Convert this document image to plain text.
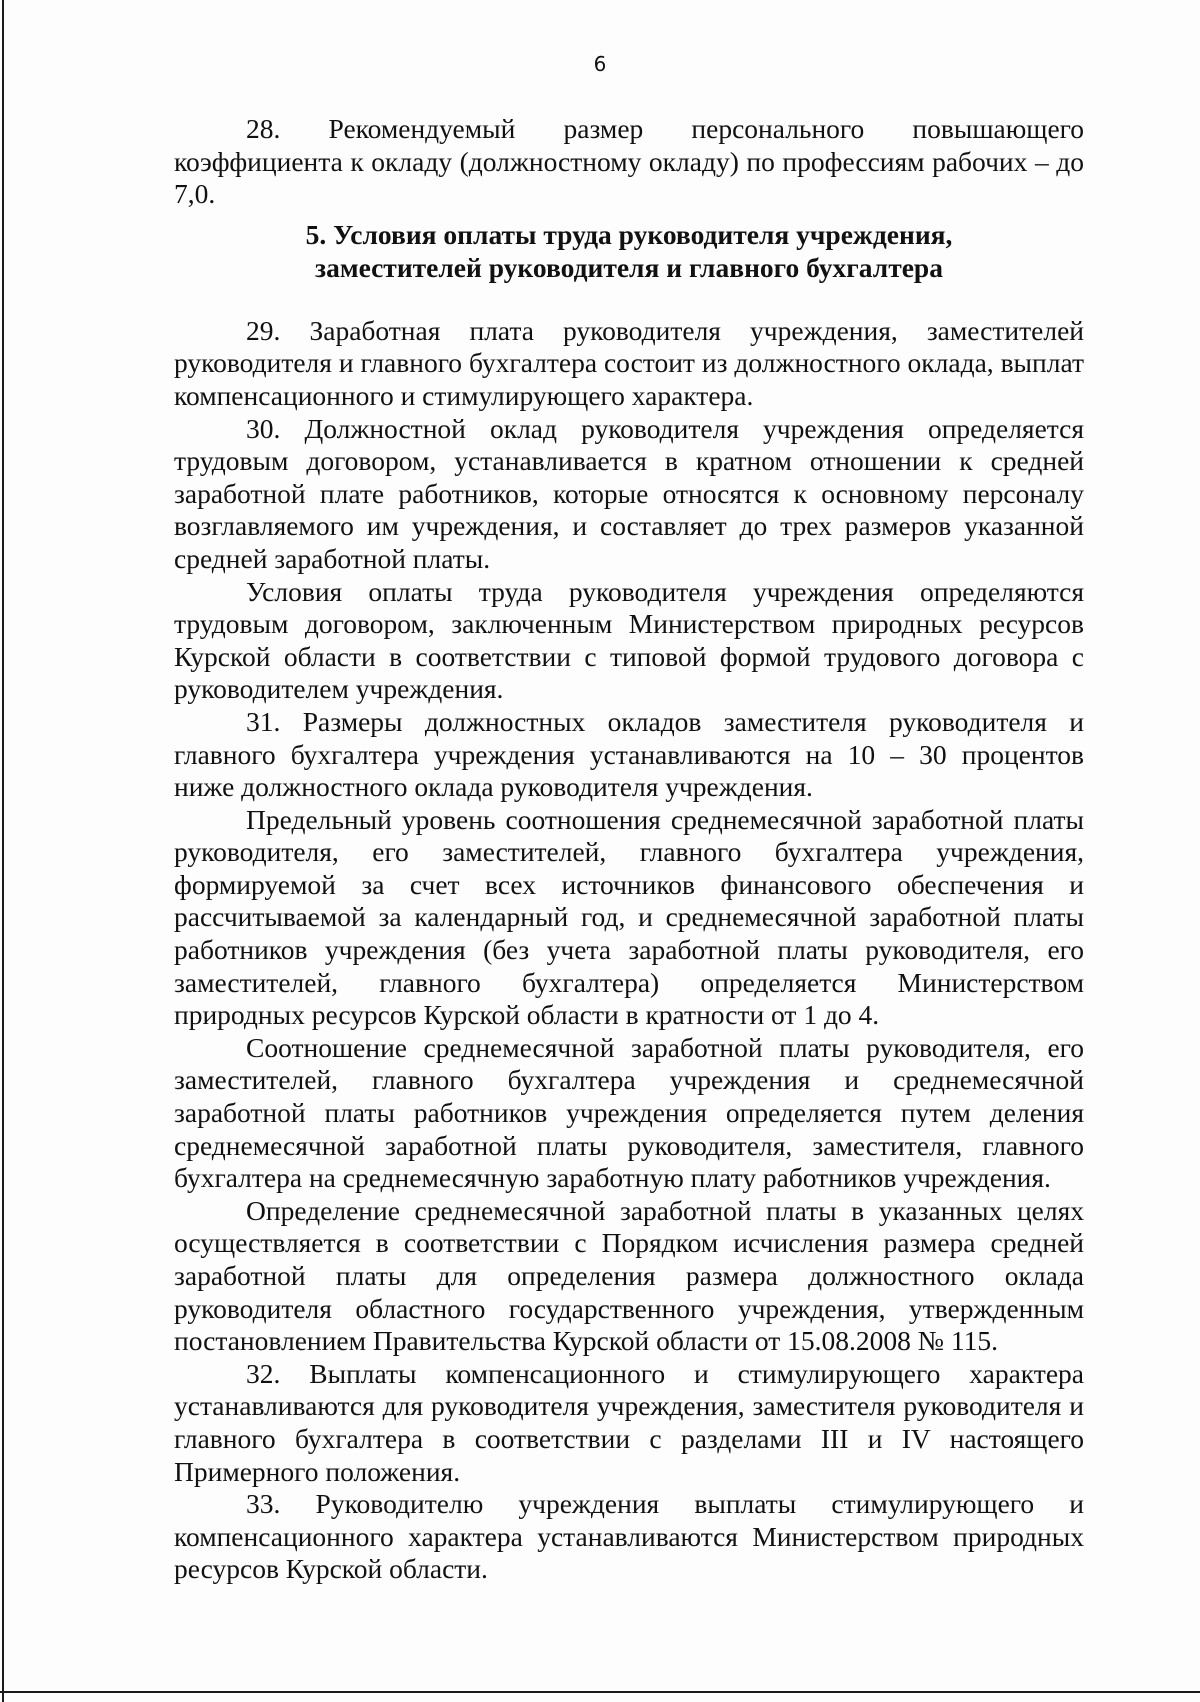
6

28. Рекомендуемый размер персонального повышающего коэффициента к окладу (должностному окладу) по профессиям рабочих – до 7,0.

5. Условия оплаты труда руководителя учреждения,
заместителей руководителя и главного бухгалтера

29. Заработная плата руководителя учреждения, заместителей руководителя и главного бухгалтера состоит из должностного оклада, выплат компенсационного и стимулирующего характера.

30. Должностной оклад руководителя учреждения определяется трудовым договором, устанавливается в кратном отношении к средней заработной плате работников, которые относятся к основному персоналу возглавляемого им учреждения, и составляет до трех размеров указанной средней заработной платы.

Условия оплаты труда руководителя учреждения определяются трудовым договором, заключенным Министерством природных ресурсов Курской области в соответствии с типовой формой трудового договора с руководителем учреждения.

31. Размеры должностных окладов заместителя руководителя и главного бухгалтера учреждения устанавливаются на 10 – 30 процентов ниже должностного оклада руководителя учреждения.

Предельный уровень соотношения среднемесячной заработной платы руководителя, его заместителей, главного бухгалтера учреждения, формируемой за счет всех источников финансового обеспечения и рассчитываемой за календарный год, и среднемесячной заработной платы работников учреждения (без учета заработной платы руководителя, его заместителей, главного бухгалтера) определяется Министерством природных ресурсов Курской области в кратности от 1 до 4.

Соотношение среднемесячной заработной платы руководителя, его заместителей, главного бухгалтера учреждения и среднемесячной заработной платы работников учреждения определяется путем деления среднемесячной заработной платы руководителя, заместителя, главного бухгалтера на среднемесячную заработную плату работников учреждения.

Определение среднемесячной заработной платы в указанных целях осуществляется в соответствии с Порядком исчисления размера средней заработной платы для определения размера должностного оклада руководителя областного государственного учреждения, утвержденным постановлением Правительства Курской области от 15.08.2008 № 115.

32. Выплаты компенсационного и стимулирующего характера устанавливаются для руководителя учреждения, заместителя руководителя и главного бухгалтера в соответствии с разделами III и IV настоящего Примерного положения.

33. Руководителю учреждения выплаты стимулирующего и компенсационного характера устанавливаются Министерством природных ресурсов Курской области.
